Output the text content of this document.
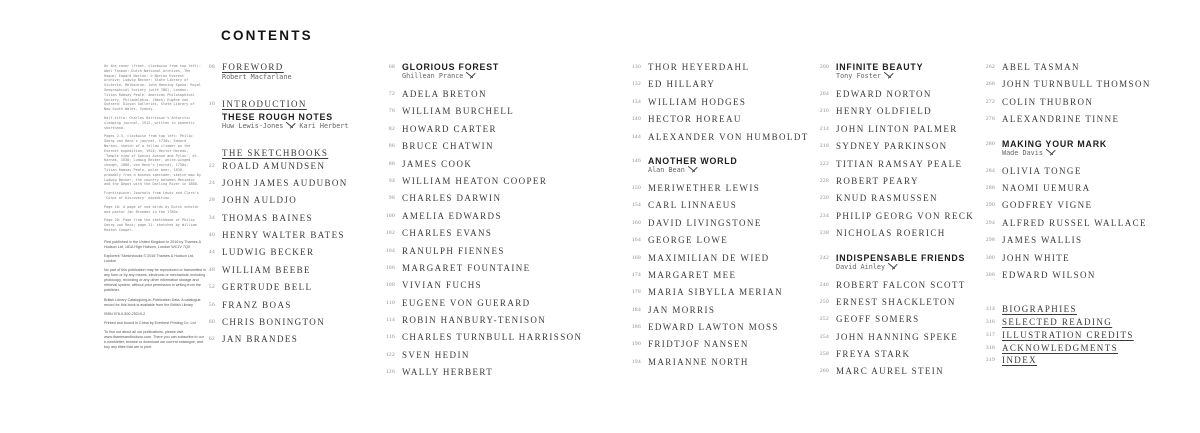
On the cover (front, clockwise from top left): Abel Tasman: Dutch National Archives, The Hague; Edward Norton: © Norton Everest Archive; Ludwig Becker: State Library of Victoria, Melbourne; John Hanning Speke: Royal Geographical Society (with IBG), London; Titian Ramsay Peale: American Philosophical Society, Philadelphia. (Back) Eugène von Guérard: Dixson Galleries, State Library of New South Wales, Sydney.

Half-title: Charles Harrisson's Antarctic sledging journal, 1912, written in phonetic shorthand.

Pages 2-3, clockwise from top left: Philip Georg von Reck's journal, 1730s; Edward Norton, sketch of a fellow climber on the Everest expedition, 1924; Hector Horeau, 'Temple view of Sphinx Avenue and Pylon', el-Karnak, 1838; Ludwig Becker, white-winged chough, 1860; von Reck's journal, 1730s; Titian Ramsay Peale, polar bear, 1830, probably from a museum specimen; sketch map by Ludwig Becker, the country between Menindie and the Depot with the Darling River in 1860.

Frontispiece: Journals from Lewis and Clark's 'Corps of Discovery' expedition.

Page 10: A page of sea birds by Dutch scholar and pastor Jan Brandes in the 1780s.

Page 20: Page from the sketchbook of Philip Georg von Reck; page 21: sketches by William Heaton Cooper.

First published in the United Kingdom in 2016 by Thames & Hudson Ltd, 181A High Holborn, London WC1V 7QX

Explorers' Sketchbooks © 2016 Thames & Hudson Ltd, London

No part of this publication may be reproduced or transmitted in any form or by any means, electronic or mechanical, including photocopy, recording or any other information storage and retrieval system, without prior permission in writing from the publisher.

British Library Cataloguing-in-Publication Data. A catalogue record for this book is available from the British Library

ISBN 978-0-500-25219-2

Printed and bound in China by Everbest Printing Co. Ltd

To find out about all our publications, please visit www.thamesandhudson.com. There you can subscribe to our e-newsletter, browse or download our current catalogue, and buy any titles that are in print.

CONTENTS
08 FOREWORD
Robert Macfarlane
10 INTRODUCTION
THESE ROUGH NOTES
Huw Lewis-Jones Kari Herbert
THE SKETCHBOOKS
22 ROALD AMUNDSEN
24 JOHN JAMES AUDUBON
28 JOHN AULDJO
34 THOMAS BAINES
40 HENRY WALTER BATES
44 LUDWIG BECKER
48 WILLIAM BEEBE
52 GERTRUDE BELL
56 FRANZ BOAS
60 CHRIS BONINGTON
62 JAN BRANDES
68 GLORIOUS FOREST
Ghillean Prance
72 ADELA BRETON
76 WILLIAM BURCHELL
82 HOWARD CARTER
86 BRUCE CHATWIN
88 JAMES COOK
94 WILLIAM HEATON COOPER
98 CHARLES DARWIN
100 AMELIA EDWARDS
102 CHARLES EVANS
104 RANULPH FIENNES
106 MARGARET FOUNTAINE
108 VIVIAN FUCHS
110 EUGENE VON GUERARD
114 ROBIN HANBURY-TENISON
116 CHARLES TURNBULL HARRISSON
122 SVEN HEDIN
126 WALLY HERBERT
130 THOR HEYERDAHL
132 ED HILLARY
134 WILLIAM HODGES
140 HECTOR HOREAU
144 ALEXANDER VON HUMBOLDT
146 ANOTHER WORLD
Alan Bean
150 MERIWETHER LEWIS
154 CARL LINNAEUS
160 DAVID LIVINGSTONE
164 GEORGE LOWE
168 MAXIMILIAN DE WIED
174 MARGARET MEE
178 MARIA SIBYLLA MERIAN
184 JAN MORRIS
186 EDWARD LAWTON MOSS
190 FRIDTJOF NANSEN
194 MARIANNE NORTH
200 INFINITE BEAUTY
Tony Foster
204 EDWARD NORTON
210 HENRY OLDFIELD
214 JOHN LINTON PALMER
218 SYDNEY PARKINSON
222 TITIAN RAMSAY PEALE
228 ROBERT PEARY
230 KNUD RASMUSSEN
234 PHILIP GEORG VON RECK
238 NICHOLAS ROERICH
242 INDISPENSABLE FRIENDS
David Ainley
246 ROBERT FALCON SCOTT
250 ERNEST SHACKLETON
252 GEOFF SOMERS
254 JOHN HANNING SPEKE
258 FREYA STARK
260 MARC AUREL STEIN
262 ABEL TASMAN
268 JOHN TURNBULL THOMSON
272 COLIN THUBRON
276 ALEXANDRINE TINNE
280 MAKING YOUR MARK
Wade Davis
284 OLIVIA TONGE
288 NAOMI UEMURA
290 GODFREY VIGNE
294 ALFRED RUSSEL WALLACE
298 JAMES WALLIS
300 JOHN WHITE
306 EDWARD WILSON
314 BIOGRAPHIES
316 SELECTED READING
317 ILLUSTRATION CREDITS
318 ACKNOWLEDGMENTS
319 INDEX
